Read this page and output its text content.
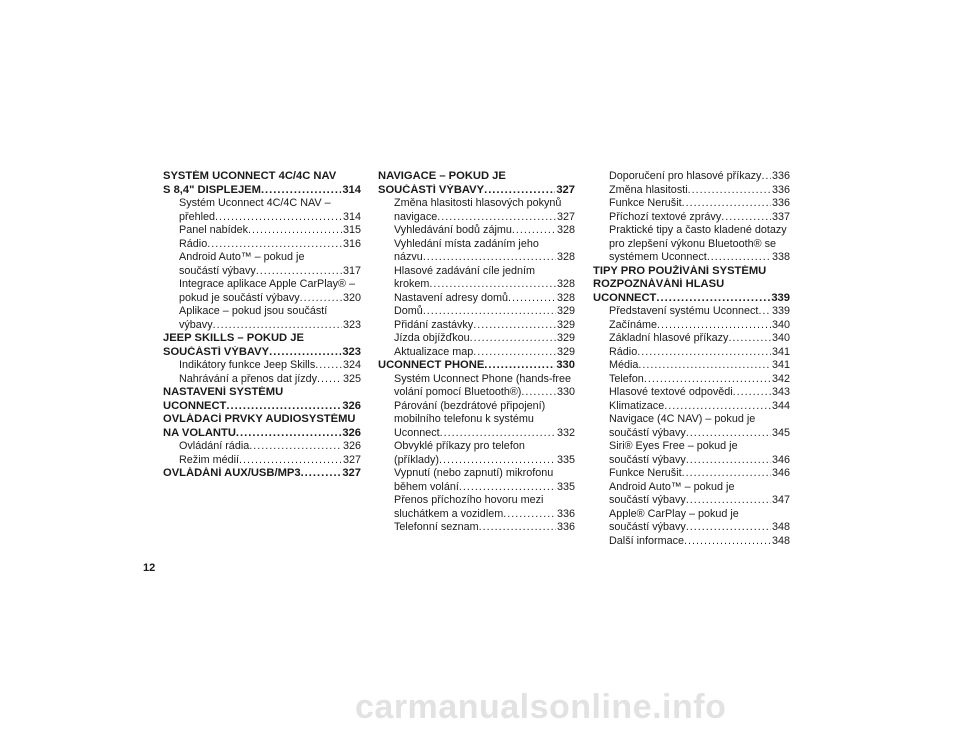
SYSTÉM UCONNECT 4C/4C NAV
S 8,4" DISPLEJEM .....	314
Systém Uconnect 4C/4C NAV –
přehled .....	314
Panel nabídek .....	315
Rádio .....	316
Android Auto™ – pokud je
součástí výbavy .....	317
Integrace aplikace Apple CarPlay® –
pokud je součástí výbavy .....	320
Aplikace – pokud jsou součástí
výbavy .....	323
JEEP SKILLS – POKUD JE
SOUČÁSTÍ VÝBAVY .....	323
Indikátory funkce Jeep Skills .....	324
Nahrávání a přenos dat jízdy ..... 325
NASTAVENÍ SYSTÉMU
UCONNECT .....	326
OVLÁDACÍ PRVKY AUDIOSYSTÉMU
NA VOLANTU .....	326
Ovládání rádia .....	326
Režim médií .....	327
OVLÁDÁNÍ AUX/USB/MP3 .....	327
NAVIGACE – POKUD JE
SOUČÁSTÍ VÝBAVY .....	327
Změna hlasitosti hlasových pokynů
navigace .....	327
Vyhledávání bodů zájmu .....	328
Vyhledání místa zadáním jeho
názvu .....	328
Hlasové zadávání cíle jedním
krokem .....	328
Nastavení adresy domů .....	328
Domů .....	329
Přidání zastávky .....	329
Jízda objížďkou .....	329
Aktualizace map .....	329
UCONNECT PHONE .....	330
Systém Uconnect Phone (hands-free
volání pomocí Bluetooth®) .....	330
Párování (bezdrátové připojení)
mobilního telefonu k systému
Uconnect .....	332
Obvyklé příkazy pro telefon
(příklady) .....	335
Vypnutí (nebo zapnutí) mikrofonu
během volání .....	335
Přenos příchozího hovoru mezi
sluchátkem a vozidlem .....	336
Telefonní seznam .....	336
Doporučení pro hlasové příkazy ..... 336
Změna hlasitosti .....	336
Funkce Nerušit .....	336
Příchozí textové zprávy .....	337
Praktické tipy a často kladené dotazy
pro zlepšení výkonu Bluetooth® se
systémem Uconnect .....	338
TIPY PRO POUŽÍVÁNÍ SYSTÉMU
ROZPOZNÁVÁNÍ HLASU
UCONNECT .....	339
Představení systému Uconnect ..... 339
Začínáme .....	340
Základní hlasové příkazy .....	340
Rádio .....	341
Média .....	341
Telefon .....	342
Hlasové textové odpovědi .....	343
Klimatizace .....	344
Navigace (4C NAV) – pokud je
součástí výbavy .....	345
Siri® Eyes Free – pokud je
součástí výbavy .....	346
Funkce Nerušit .....	346
Android Auto™ – pokud je
součástí výbavy .....	347
Apple® CarPlay – pokud je
součástí výbavy .....	348
Další informace .....	348
12
carmanualsonline.info
